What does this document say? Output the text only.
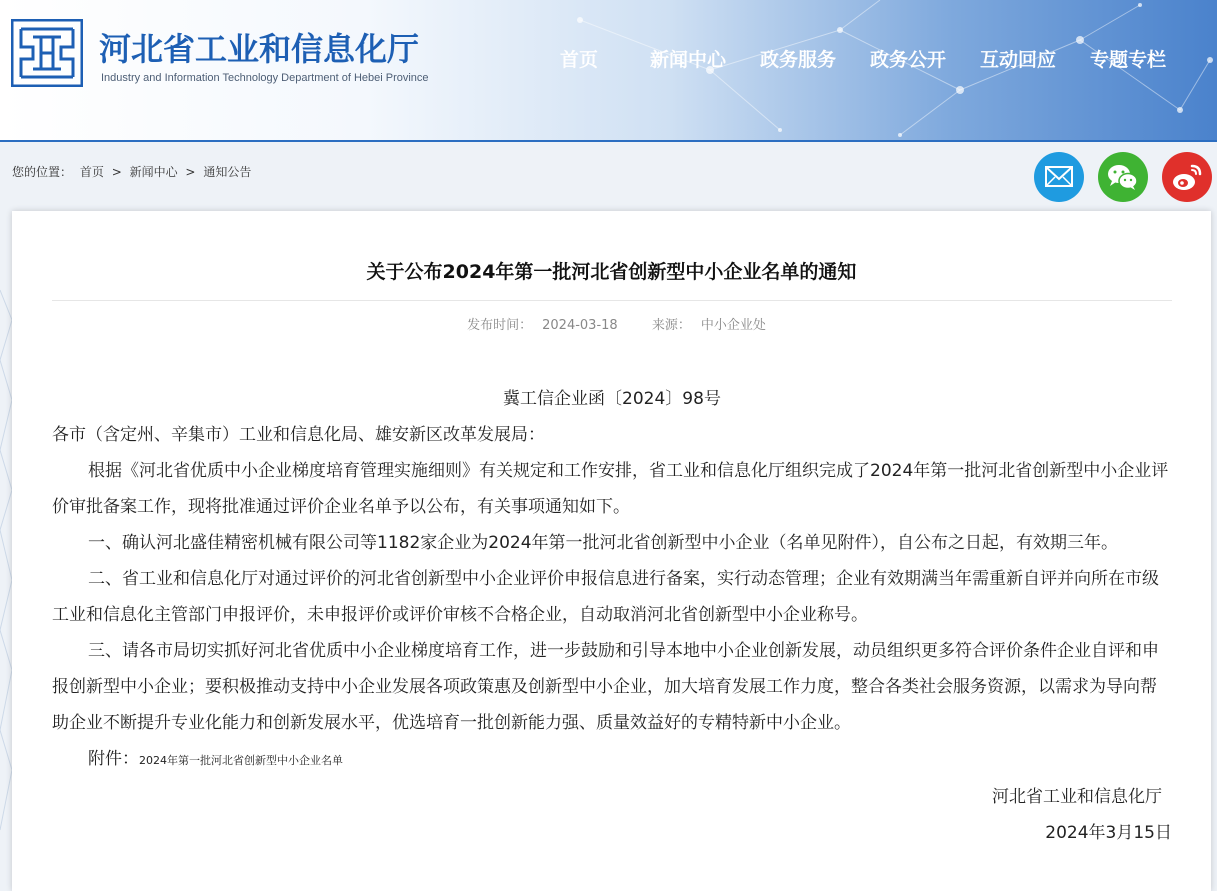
河北省工业和信息化厅
Industry and Information Technology Department of Hebei Province
首页	新闻中心 政务服务 政务公开 互动回应 专题专栏
您的位置： 首页 > 新闻中心 > 通知公告
关于公布2024年第一批河北省创新型中小企业名单的通知
发布时间： 2024-03-18	来源： 中小企业处

冀工信企业函〔2024〕98号

各市（含定州、辛集市）工业和信息化局、雄安新区改革发展局：

根据《河北省优质中小企业梯度培育管理实施细则》有关规定和工作安排，省工业和信息化厅组织完成了2024年第一批河北省创新型中小企业评价审批备案工作，现将批准通过评价企业名单予以公布，有关事项通知如下。

一、确认河北盛佳精密机械有限公司等1182家企业为2024年第一批河北省创新型中小企业（名单见附件），自公布之日起，有效期三年。

二、省工业和信息化厅对通过评价的河北省创新型中小企业评价申报信息进行备案，实行动态管理；企业有效期满当年需重新自评并向所在市级工业和信息化主管部门申报评价，未申报评价或评价审核不合格企业，自动取消河北省创新型中小企业称号。

三、请各市局切实抓好河北省优质中小企业梯度培育工作，进一步鼓励和引导本地中小企业创新发展，动员组织更多符合评价条件企业自评和申报创新型中小企业；要积极推动支持中小企业发展各项政策惠及创新型中小企业，加大培育发展工作力度，整合各类社会服务资源，以需求为导向帮助企业不断提升专业化能力和创新发展水平，优选培育一批创新能力强、质量效益好的专精特新中小企业。

附件：2024年第一批河北省创新型中小企业名单

河北省工业和信息化厅

2024年3月15日
